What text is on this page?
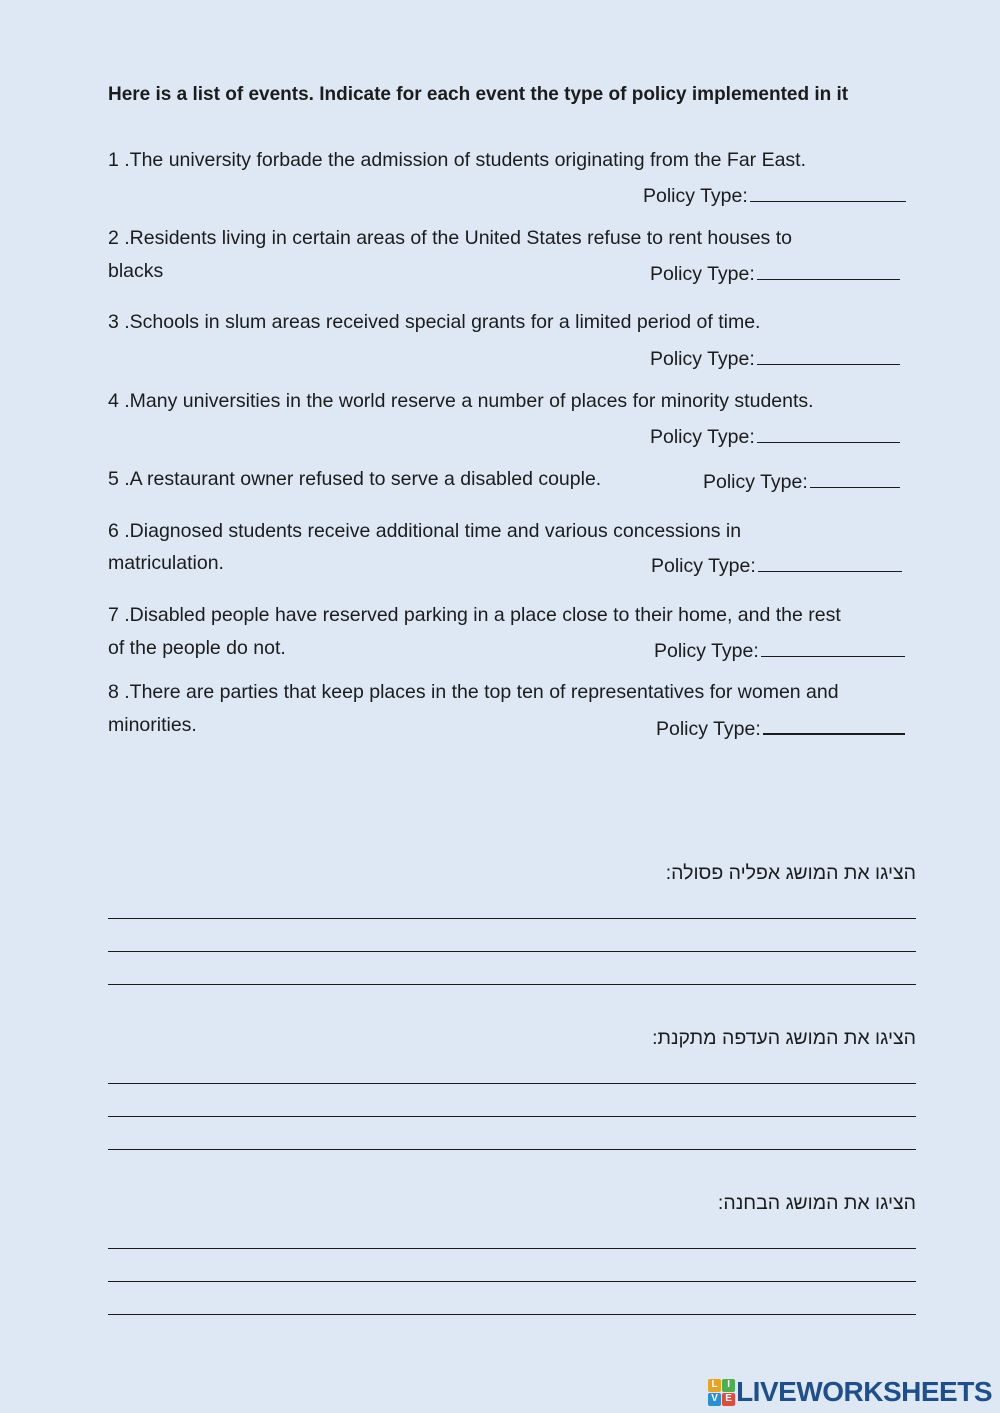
Here is a list of events. Indicate for each event the type of policy implemented in it
1 .The university forbade the admission of students originating from the Far East.
Policy Type:
2 .Residents living in certain areas of the United States refuse to rent houses to
blacks	Policy Type:
3 .Schools in slum areas received special grants for a limited period of time.
Policy Type:
4 .Many universities in the world reserve a number of places for minority students.
Policy Type:
5 .A restaurant owner refused to serve a disabled couple.	Policy Type:
6 .Diagnosed students receive additional time and various concessions in
matriculation.	Policy Type:
7 .Disabled people have reserved parking in a place close to their home, and the rest
of the people do not.	Policy Type:
8 .There are parties that keep places in the top ten of representatives for women and
minorities.	Policy Type:
הציגו את המושג אפליה פסולה:
הציגו את המושג העדפה מתקנת:
הציגו את המושג הבחנה:
L I
V E LIVEWORKSHEETS
